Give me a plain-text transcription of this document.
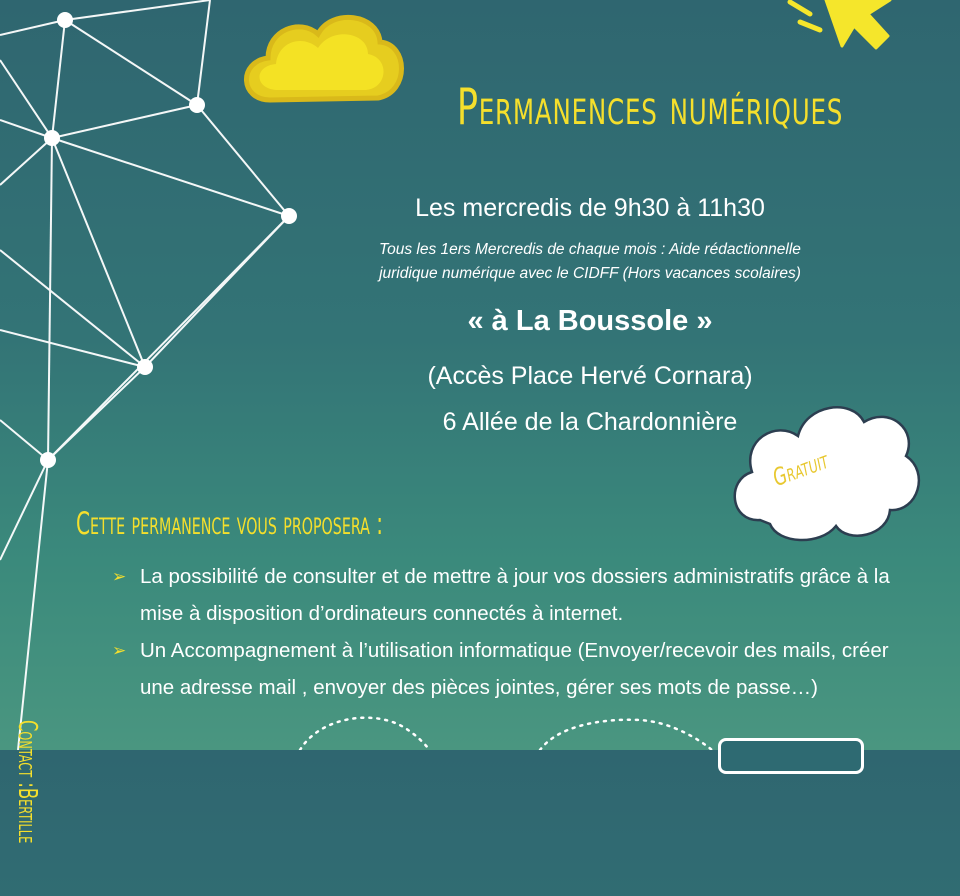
Permanences numériques
Les mercredis de 9h30 à 11h30
Tous les 1ers Mercredis de chaque mois : Aide rédactionnelle
juridique numérique avec le CIDFF (Hors vacances scolaires)
« à La Boussole »
(Accès Place Hervé Cornara)
6 Allée de la Chardonnière
Gratuit
Cette permanence vous proposera :
➢ La possibilité de consulter et de mettre à jour vos dossiers administratifs grâce à la mise à disposition d’ordinateurs connectés à internet.
➢ Un Accompagnement à l’utilisation informatique (Envoyer/recevoir des mails, créer une adresse mail , envoyer des pièces jointes, gérer ses mots de passe…)
Contact :Bertille
